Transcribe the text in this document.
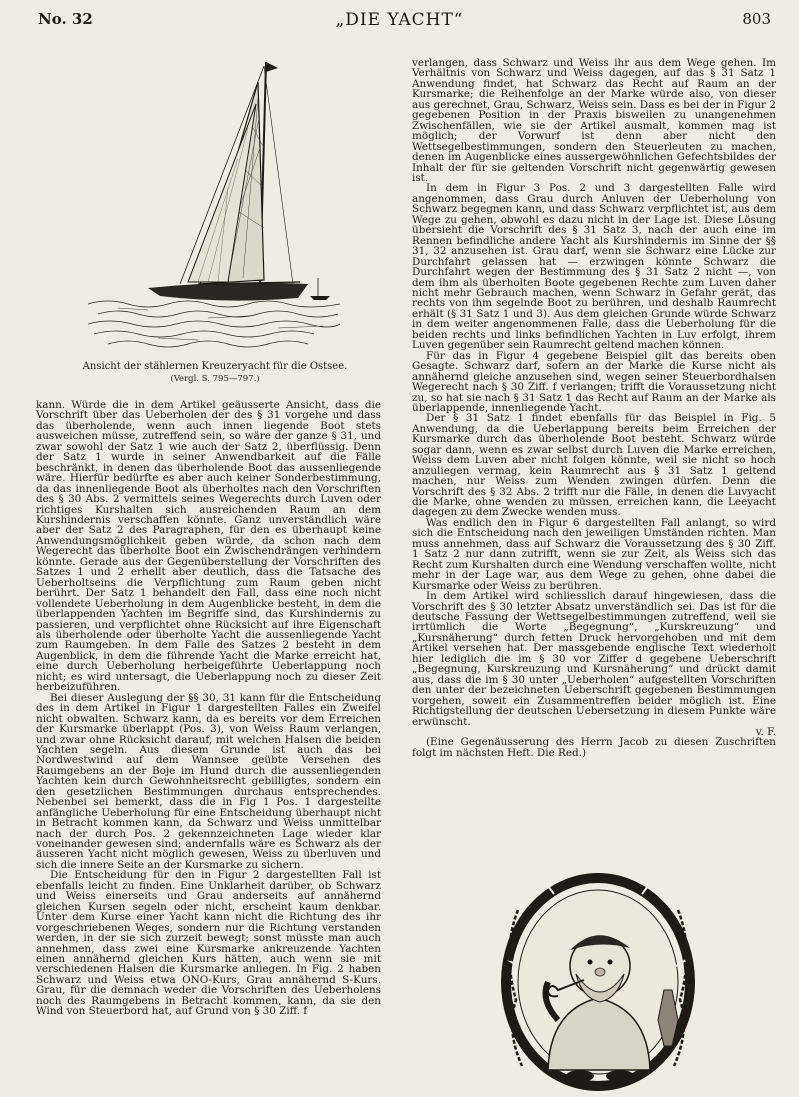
No. 32	„DIE YACHT“	803
Ansicht der stählernen Kreuzeryacht für die Ostsee.
(Vergl. S. 795—797.)

kann. Würde die in dem Artikel geäusserte Ansicht, dass die Vorschrift über das Ueberholen der des § 31 vorgehe und dass das überholende, wenn auch innen liegende Boot stets ausweichen müsse, zutreffend sein, so wäre der ganze § 31, und zwar sowohl der Satz 1 wie auch der Satz 2, überflüssig. Denn der Satz 1 wurde in seiner Anwendbarkeit auf die Fälle beschränkt, in denen das überholende Boot das aussenliegende wäre. Hierfür bedürfte es aber auch keiner Sonderbestimmung, da das innenliegende Boot als überholtes nach den Vorschriften des § 30 Abs. 2 vermittels seines Wegerechts durch Luven oder richtiges Kurshalten sich ausreichenden Raum an dem Kurshindernis verschaffen könnte. Ganz unverständlich wäre aber der Satz 2 des Paragraphen, für den es überhaupt keine Anwendungsmöglichkeit geben würde, da schon nach dem Wegerecht das überholte Boot ein Zwischendrängen verhindern könnte. Gerade aus der Gegenüberstellung der Vorschriften des Satzes 1 und 2 erhellt aber deutlich, dass die Tatsache des Ueberholtseins die Verpflichtung zum Raum geben nicht berührt. Der Satz 1 behandelt den Fall, dass eine noch nicht vollendete Ueberholung in dem Augenblicke besteht, in dem die überlappenden Yachten im Begriffe sind, das Kurshindernis zu passieren, und verpflichtet ohne Rücksicht auf ihre Eigenschaft als überholende oder überholte Yacht die aussenliegende Yacht zum Raumgeben. In dem Falle des Satzes 2 besteht in dem Augenblick, in dem die führende Yacht die Marke erreicht hat, eine durch Ueberholung herbeigeführte Ueberlappung noch nicht; es wird untersagt, die Ueberlappung noch zu dieser Zeit herbeizuführen.

Bei dieser Auslegung der §§ 30, 31 kann für die Entscheidung des in dem Artikel in Figur 1 dargestellten Falles ein Zweifel nicht obwalten. Schwarz kann, da es bereits vor dem Erreichen der Kursmarke überlappt (Pos. 3), von Weiss Raum verlangen, und zwar ohne Rücksicht darauf, mit welchen Halsen die beiden Yachten segeln. Aus diesem Grunde ist auch das bei Nordwestwind auf dem Wannsee geübte Versehen des Raumgebens an der Boje im Hund durch die aussenliegenden Yachten kein durch Gewohnheitsrecht gebilligtes, sondern ein den gesetzlichen Bestimmungen durchaus entsprechendes. Nebenbei sei bemerkt, dass die in Fig 1 Pos. 1 dargestellte anfängliche Ueberholung für eine Entscheidung überhaupt nicht in Betracht kommen kann, da Schwarz und Weiss unmittelbar nach der durch Pos. 2 gekennzeichneten Lage wieder klar voneinander gewesen sind; andernfalls wäre es Schwarz als der äusseren Yacht nicht möglich gewesen, Weiss zu überluven und sich die innere Seite an der Kursmarke zu sichern.

Die Entscheidung für den in Figur 2 dargestellten Fall ist ebenfalls leicht zu finden. Eine Unklarheit darüber, ob Schwarz und Weiss einerseits und Grau anderseits auf annähernd gleichen Kursen segeln oder nicht, erscheint kaum denkbar. Unter dem Kurse einer Yacht kann nicht die Richtung des ihr vorgeschriebenen Weges, sondern nur die Richtung verstanden werden, in der sie sich zurzeit bewegt; sonst müsste man auch annehmen, dass zwei eine Kursmarke ankreuzende Yachten einen annähernd gleichen Kurs hätten, auch wenn sie mit verschiedenen Halsen die Kursmarke anliegen. In Fig. 2 haben Schwarz und Weiss etwa ONO-Kurs, Grau annähernd S-Kurs. Grau, für die demnach weder die Vorschriften des Ueberholens noch des Raumgebens in Betracht kommen, kann, da sie den Wind von Steuerbord hat, auf Grund von § 30 Ziff. f

verlangen, dass Schwarz und Weiss ihr aus dem Wege gehen. Im Verhältnis von Schwarz und Weiss dagegen, auf das § 31 Satz 1 Anwendung findet, hat Schwarz das Recht auf Raum an der Kursmarke; die Reihenfolge an der Marke würde also, von dieser aus gerechnet, Grau, Schwarz, Weiss sein. Dass es bei der in Figur 2 gegebenen Position in der Praxis bisweilen zu unangenehmen Zwischenfällen, wie sie der Artikel ausmalt, kommen mag ist möglich; der Vorwurf ist denn aber nicht den Wettsegelbestimmungen, sondern den Steuerleuten zu machen, denen im Augenblicke eines aussergewöhnlichen Gefechtsbildes der Inhalt der für sie geltenden Vorschrift nicht gegenwärtig gewesen ist.

In dem in Figur 3 Pos. 2 und 3 dargestellten Falle wird angenommen, dass Grau durch Anluven der Ueberholung von Schwarz begegnen kann, und dass Schwarz verpflichtet ist, aus dem Wege zu gehen, obwohl es dazu nicht in der Lage ist. Diese Lösung übersieht die Vorschrift des § 31 Satz 3, nach der auch eine im Rennen befindliche andere Yacht als Kurshindernis im Sinne der §§ 31, 32 anzusehen ist. Grau darf, wenn sie Schwarz eine Lücke zur Durchfahrt gelassen hat — erzwingen könnte Schwarz die Durchfahrt wegen der Bestimmung des § 31 Satz 2 nicht —, von dem ihm als überholten Boote gegebenen Rechte zum Luven daher nicht mehr Gebrauch machen, wenn Schwarz in Gefahr gerät, das rechts von ihm segelnde Boot zu berühren, und deshalb Raumrecht erhält (§ 31 Satz 1 und 3). Aus dem gleichen Grunde würde Schwarz in dem weiter angenommenen Falle, dass die Ueberholung für die beiden rechts und links befindlichen Yachten in Luv erfolgt, ihrem Luven gegenüber sein Raumrecht geltend machen können.

Für das in Figur 4 gegebene Beispiel gilt das bereits oben Gesagte. Schwarz darf, sofern an der Marke die Kurse nicht als annähernd gleiche anzusehen sind, wegen seiner Steuerbordhalsen Wegerecht nach § 30 Ziff. f verlangen; trifft die Voraussetzung nicht zu, so hat sie nach § 31 Satz 1 das Recht auf Raum an der Marke als überlappende, innenliegende Yacht.

Der § 31 Satz 1 findet ebenfalls für das Beispiel in Fig. 5 Anwendung, da die Ueberlappung bereits beim Erreichen der Kursmarke durch das überholende Boot besteht. Schwarz würde sogar dann, wenn es zwar selbst durch Luven die Marke erreichen, Weiss dem Luven aber nicht folgen könnte, weil sie nicht so hoch anzuliegen vermag, kein Raumrecht aus § 31 Satz 1 geltend machen, nur Weiss zum Wenden zwingen dürfen. Denn die Vorschrift des § 32 Abs. 2 trifft nur die Fälle, in denen die Luvyacht die Marke, ohne wenden zu müssen, erreichen kann, die Leeyacht dagegen zu dem Zwecke wenden muss.

Was endlich den in Figur 6 dargestellten Fall anlangt, so wird sich die Entscheidung nach den jeweiligen Umständen richten. Man muss annehmen, dass auf Schwarz die Voraussetzung des § 30 Ziff. 1 Satz 2 nur dann zutrifft, wenn sie zur Zeit, als Weiss sich das Recht zum Kurshalten durch eine Wendung verschaffen wollte, nicht mehr in der Lage war, aus dem Wege zu gehen, ohne dabei die Kursmarke oder Weiss zu berühren.

In dem Artikel wird schliesslich darauf hingewiesen, dass die Vorschrift des § 30 letzter Absatz unverständlich sei. Das ist für die deutsche Fassung der Wettsegelbestimmungen zutreffend, weil sie irrtümlich die Worte „Begegnung“, „Kurskreuzung“ und „Kursnäherung“ durch fetten Druck hervorgehoben und mit dem Artikel versehen hat. Der massgebende englische Text wiederholt hier lediglich die im § 30 vor Ziffer d gegebene Ueberschrift „Begegnung, Kurskreuzung und Kursnäherung“ und drückt damit aus, dass die im § 30 unter „Ueberholen“ aufgestellten Vorschriften den unter der bezeichneten Ueberschrift gegebenen Bestimmungen vorgehen, soweit ein Zusammentreffen beider möglich ist. Eine Richtigstellung der deutschen Uebersetzung in diesem Punkte wäre erwünscht.

v. F.

(Eine Gegenäusserung des Herrn Jacob zu diesen Zuschriften folgt im nächsten Heft. Die Red.)
